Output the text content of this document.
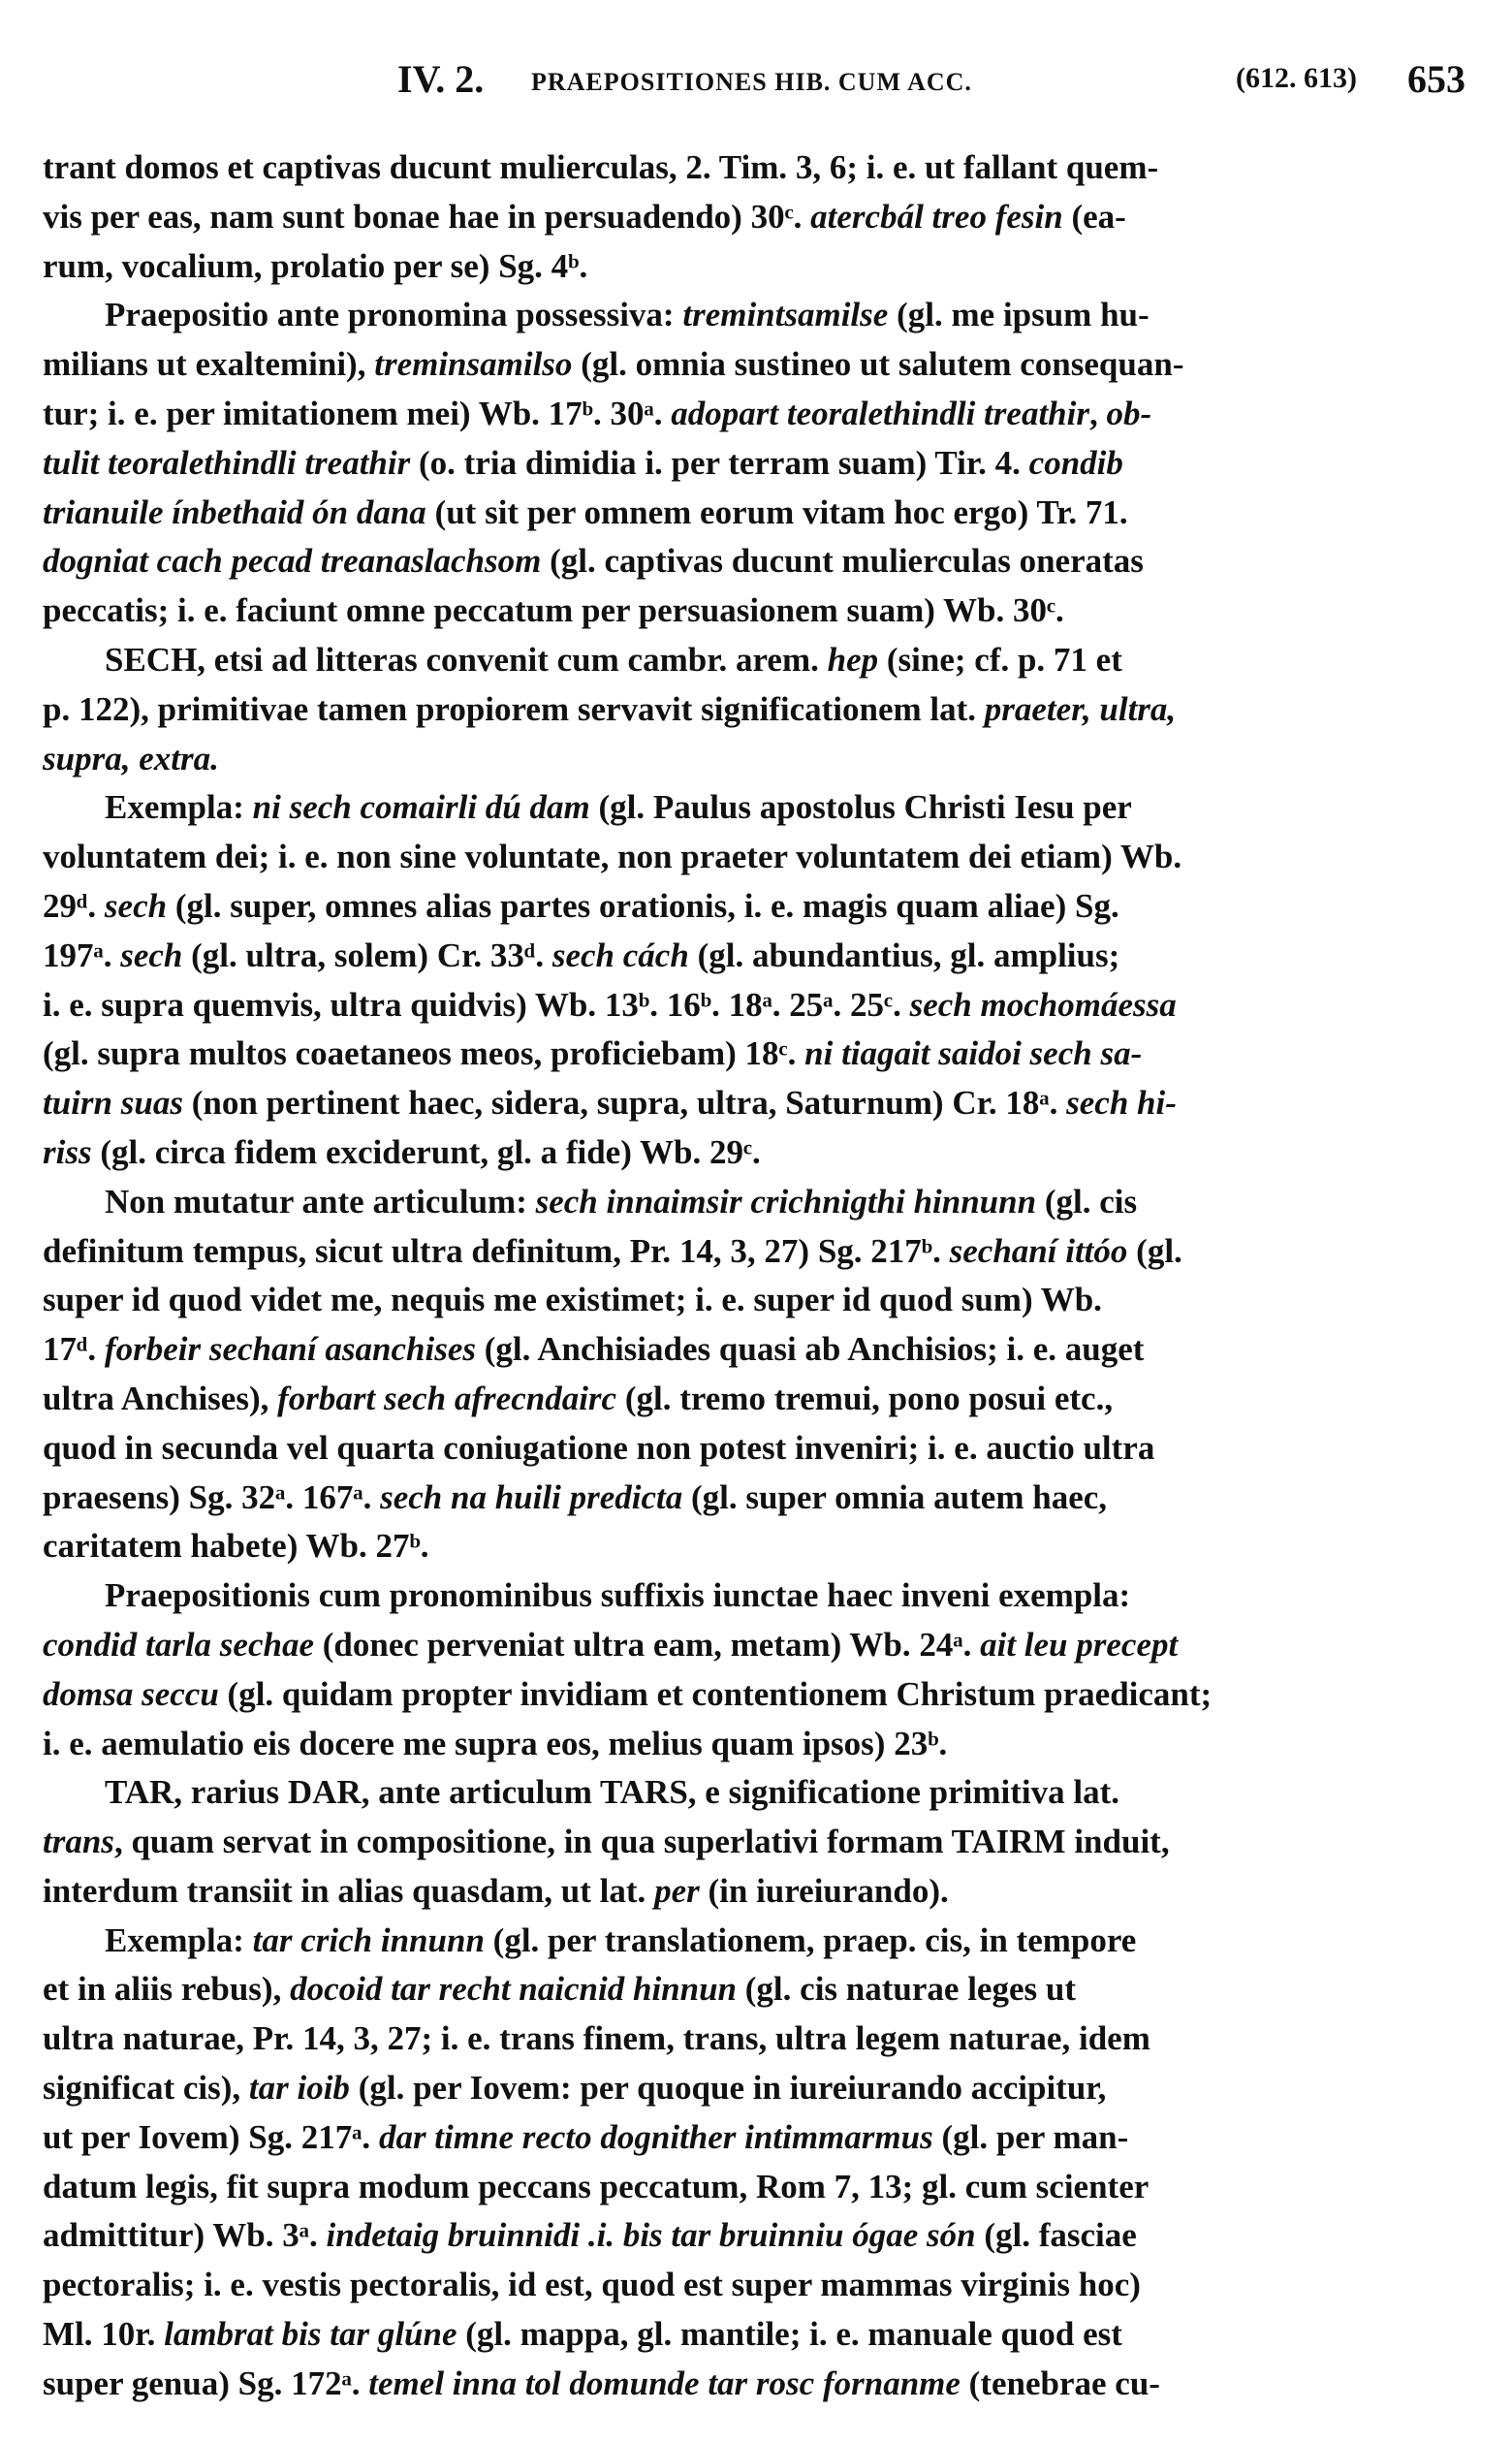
IV. 2. PRAEPOSITIONES HIB. CUM ACC.	(612. 613) 653
trant domos et captivas ducunt mulierculas, 2. Tim. 3, 6; i. e. ut fallant quem-
vis per eas, nam sunt bonae hae in persuadendo) 30ᶜ. atercbál treo fesin (ea-
rum, vocalium, prolatio per se) Sg. 4ᵇ.
Praepositio ante pronomina possessiva: tremintsamilse (gl. me ipsum hu-
milians ut exaltemini), treminsamilso (gl. omnia sustineo ut salutem consequan-
tur; i. e. per imitationem mei) Wb. 17ᵇ. 30ᵃ. adopart teoralethindli treathir, ob-
tulit teoralethindli treathir (o. tria dimidia i. per terram suam) Tir. 4. condib
trianuile ínbethaid ón dana (ut sit per omnem eorum vitam hoc ergo) Tr. 71.
dogniat cach pecad treanaslachsom (gl. captivas ducunt mulierculas oneratas
peccatis; i. e. faciunt omne peccatum per persuasionem suam) Wb. 30ᶜ.
SECH, etsi ad litteras convenit cum cambr. arem. hep (sine; cf. p. 71 et
p. 122), primitivae tamen propiorem servavit significationem lat. praeter, ultra,
supra, extra.
Exempla: ni sech comairli dú dam (gl. Paulus apostolus Christi Iesu per
voluntatem dei; i. e. non sine voluntate, non praeter voluntatem dei etiam) Wb.
29ᵈ. sech (gl. super, omnes alias partes orationis, i. e. magis quam aliae) Sg.
197ᵃ. sech (gl. ultra, solem) Cr. 33ᵈ. sech cách (gl. abundantius, gl. amplius;
i. e. supra quemvis, ultra quidvis) Wb. 13ᵇ. 16ᵇ. 18ᵃ. 25ᵃ. 25ᶜ. sech mochomáessa
(gl. supra multos coaetaneos meos, proficiebam) 18ᶜ. ni tiagait saidoi sech sa-
tuirn suas (non pertinent haec, sidera, supra, ultra, Saturnum) Cr. 18ᵃ. sech hi-
riss (gl. circa fidem exciderunt, gl. a fide) Wb. 29ᶜ.
Non mutatur ante articulum: sech innaimsir crichnigthi hinnunn (gl. cis
definitum tempus, sicut ultra definitum, Pr. 14, 3, 27) Sg. 217ᵇ. sechaní ittóo (gl.
super id quod videt me, nequis me existimet; i. e. super id quod sum) Wb.
17ᵈ. forbeir sechaní asanchises (gl. Anchisiades quasi ab Anchisios; i. e. auget
ultra Anchises), forbart sech afrecndairc (gl. tremo tremui, pono posui etc.,
quod in secunda vel quarta coniugatione non potest inveniri; i. e. auctio ultra
praesens) Sg. 32ᵃ. 167ᵃ. sech na huili predicta (gl. super omnia autem haec,
caritatem habete) Wb. 27ᵇ.
Praepositionis cum pronominibus suffixis iunctae haec inveni exempla:
condid tarla sechae (donec perveniat ultra eam, metam) Wb. 24ᵃ. ait leu precept
domsa seccu (gl. quidam propter invidiam et contentionem Christum praedicant;
i. e. aemulatio eis docere me supra eos, melius quam ipsos) 23ᵇ.
TAR, rarius DAR, ante articulum TARS, e significatione primitiva lat.
trans, quam servat in compositione, in qua superlativi formam TAIRM induit,
interdum transiit in alias quasdam, ut lat. per (in iureiurando).
Exempla: tar crich innunn (gl. per translationem, praep. cis, in tempore
et in aliis rebus), docoid tar recht naicnid hinnun (gl. cis naturae leges ut
ultra naturae, Pr. 14, 3, 27; i. e. trans finem, trans, ultra legem naturae, idem
significat cis), tar ioib (gl. per Iovem: per quoque in iureiurando accipitur,
ut per Iovem) Sg. 217ᵃ. dar timne recto dognither intimmarmus (gl. per man-
datum legis, fit supra modum peccans peccatum, Rom 7, 13; gl. cum scienter
admittitur) Wb. 3ᵃ. indetaig bruinnidi .i. bis tar bruinniu ógae són (gl. fasciae
pectoralis; i. e. vestis pectoralis, id est, quod est super mammas virginis hoc)
Ml. 10r. lambrat bis tar glúne (gl. mappa, gl. mantile; i. e. manuale quod est
super genua) Sg. 172ᵃ. temel inna tol domunde tar rosc fornanme (tenebrae cu-
